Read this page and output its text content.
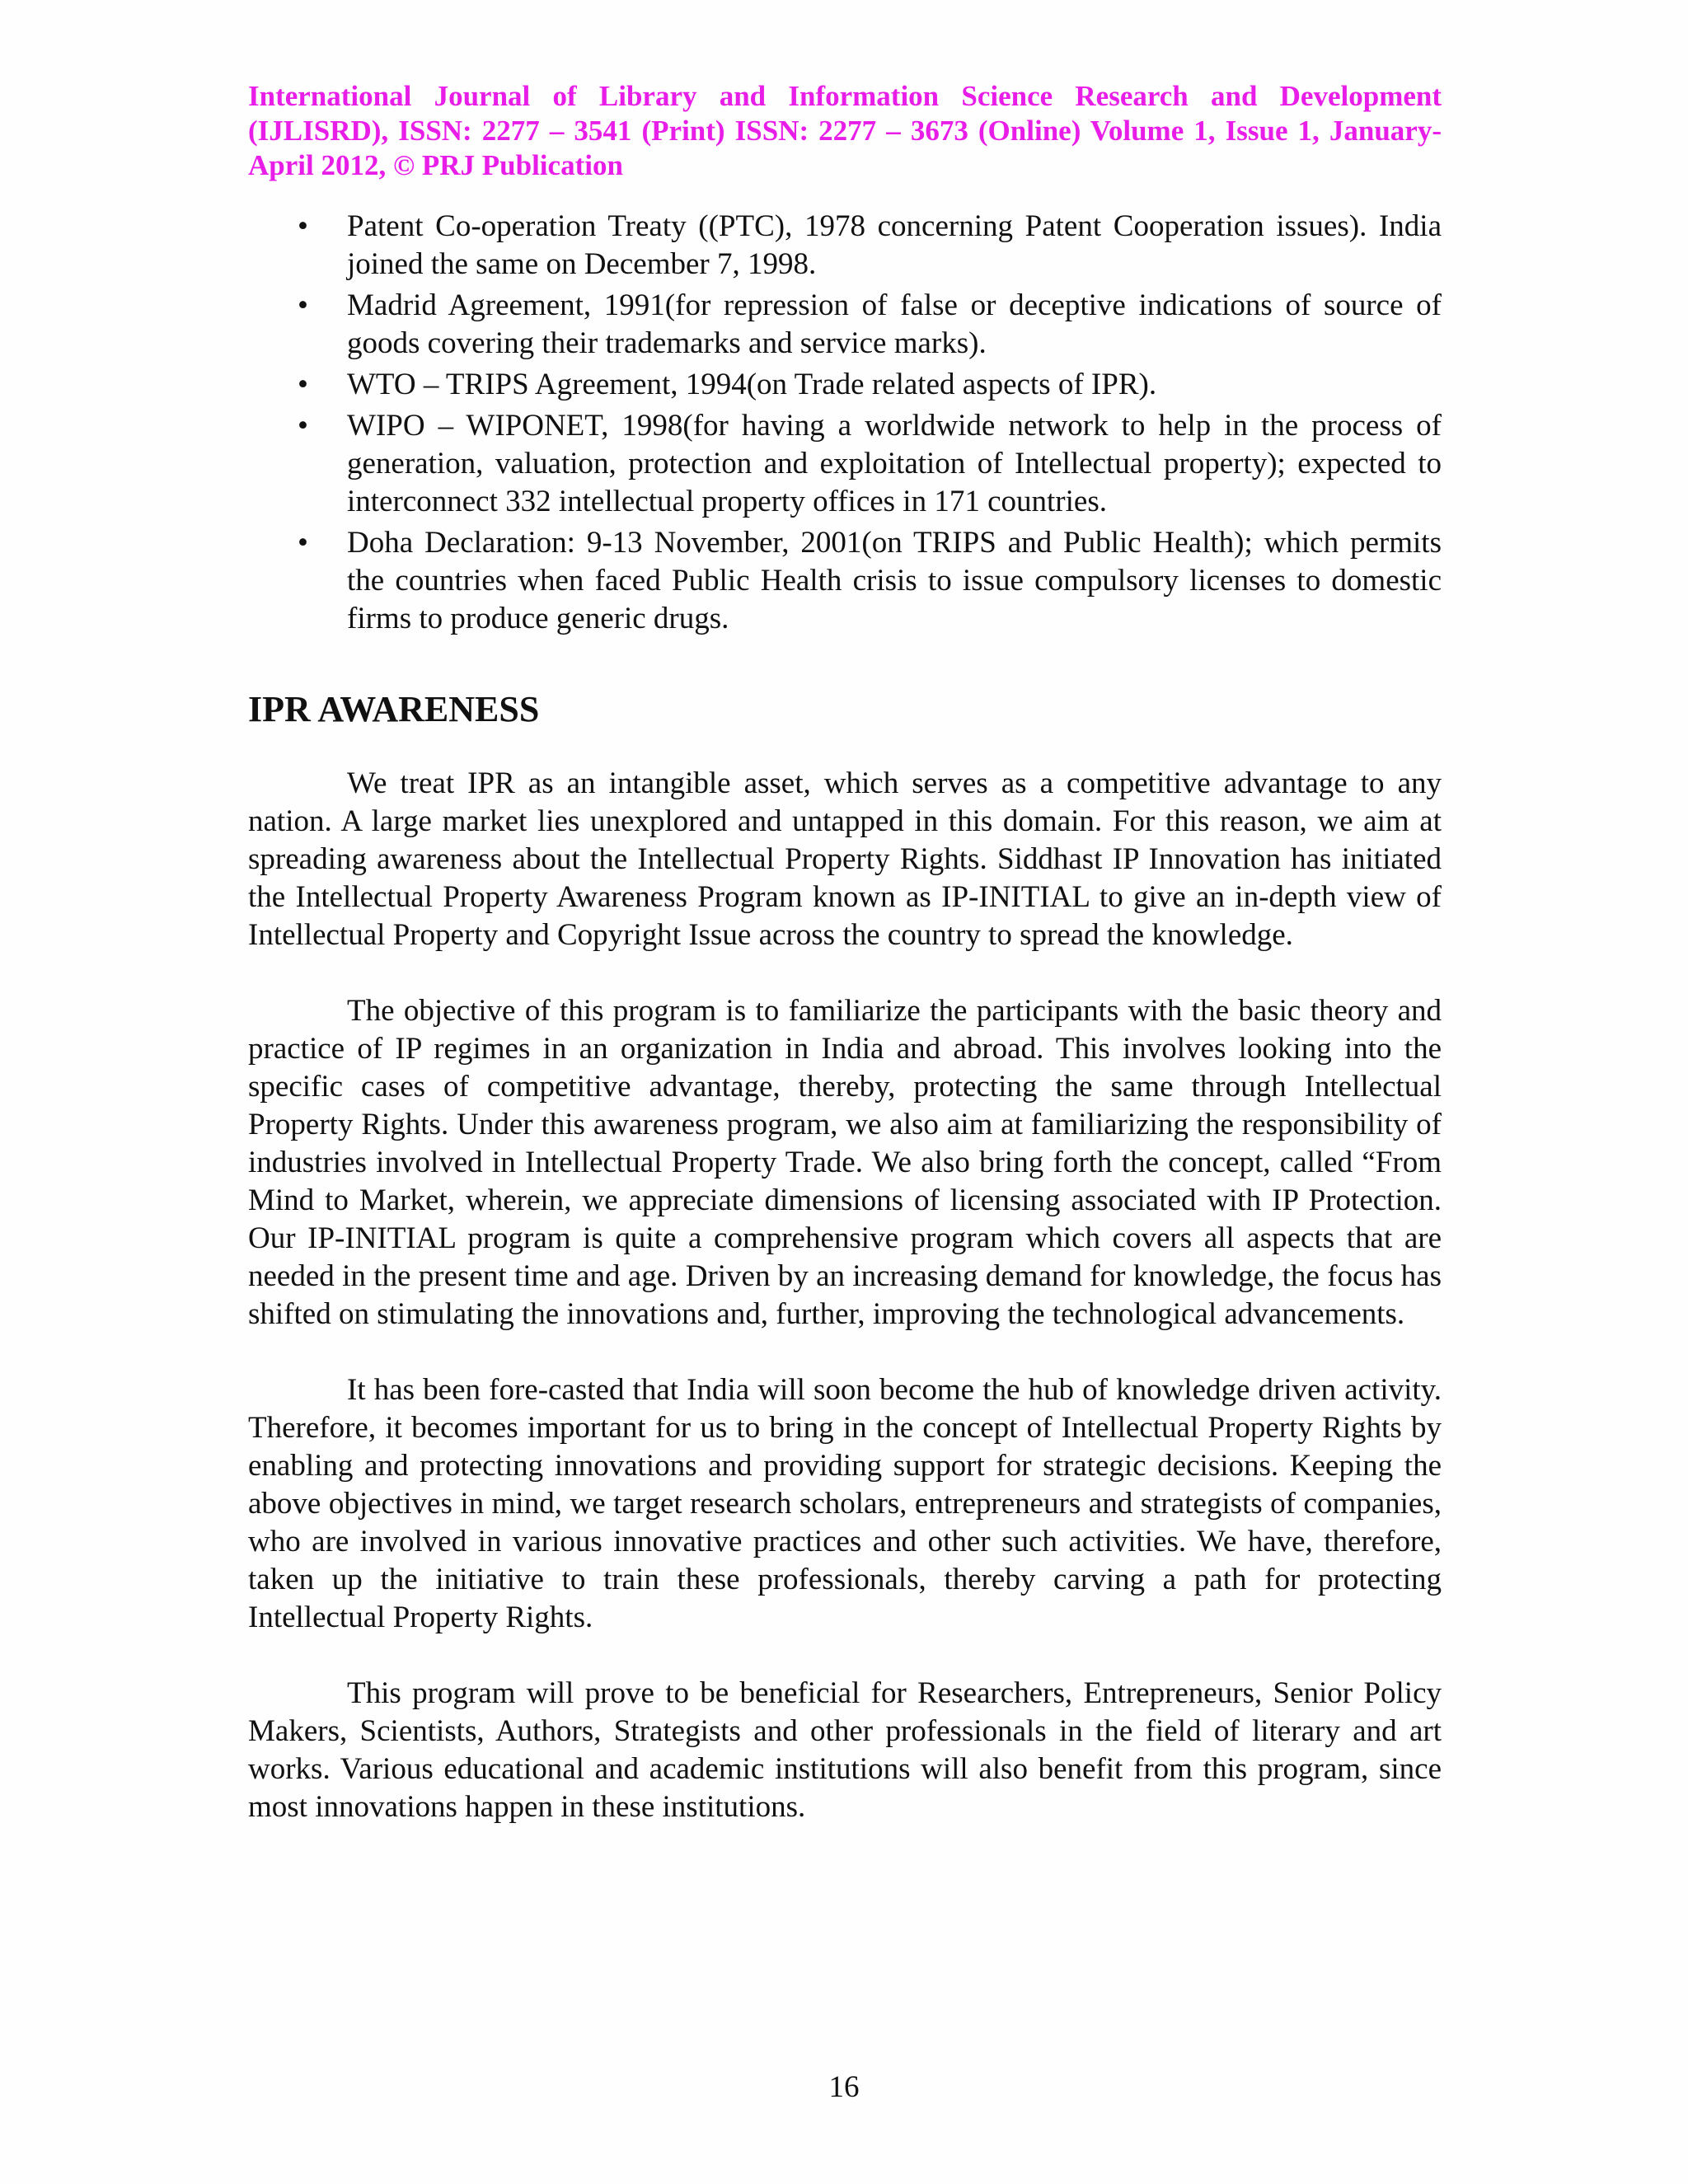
International Journal of Library and Information Science Research and Development (IJLISRD), ISSN: 2277 – 3541 (Print) ISSN: 2277 – 3673 (Online) Volume 1, Issue 1, January- April 2012, © PRJ Publication
• Patent Co-operation Treaty ((PTC), 1978 concerning Patent Cooperation issues). India joined the same on December 7, 1998.
• Madrid Agreement, 1991(for repression of false or deceptive indications of source of goods covering their trademarks and service marks).
• WTO – TRIPS Agreement, 1994(on Trade related aspects of IPR).
• WIPO – WIPONET, 1998(for having a worldwide network to help in the process of generation, valuation, protection and exploitation of Intellectual property); expected to interconnect 332 intellectual property offices in 171 countries.
• Doha Declaration: 9-13 November, 2001(on TRIPS and Public Health); which permits the countries when faced Public Health crisis to issue compulsory licenses to domestic firms to produce generic drugs.
IPR AWARENESS

We treat IPR as an intangible asset, which serves as a competitive advantage to any nation. A large market lies unexplored and untapped in this domain. For this reason, we aim at spreading awareness about the Intellectual Property Rights. Siddhast IP Innovation has initiated the Intellectual Property Awareness Program known as IP-INITIAL to give an in-depth view of Intellectual Property and Copyright Issue across the country to spread the knowledge.

The objective of this program is to familiarize the participants with the basic theory and practice of IP regimes in an organization in India and abroad. This involves looking into the specific cases of competitive advantage, thereby, protecting the same through Intellectual Property Rights. Under this awareness program, we also aim at familiarizing the responsibility of industries involved in Intellectual Property Trade. We also bring forth the concept, called “From Mind to Market, wherein, we appreciate dimensions of licensing associated with IP Protection. Our IP-INITIAL program is quite a comprehensive program which covers all aspects that are needed in the present time and age. Driven by an increasing demand for knowledge, the focus has shifted on stimulating the innovations and, further, improving the technological advancements.

It has been fore-casted that India will soon become the hub of knowledge driven activity. Therefore, it becomes important for us to bring in the concept of Intellectual Property Rights by enabling and protecting innovations and providing support for strategic decisions. Keeping the above objectives in mind, we target research scholars, entrepreneurs and strategists of companies, who are involved in various innovative practices and other such activities. We have, therefore, taken up the initiative to train these professionals, thereby carving a path for protecting Intellectual Property Rights.

This program will prove to be beneficial for Researchers, Entrepreneurs, Senior Policy Makers, Scientists, Authors, Strategists and other professionals in the field of literary and art works. Various educational and academic institutions will also benefit from this program, since most innovations happen in these institutions.

16
